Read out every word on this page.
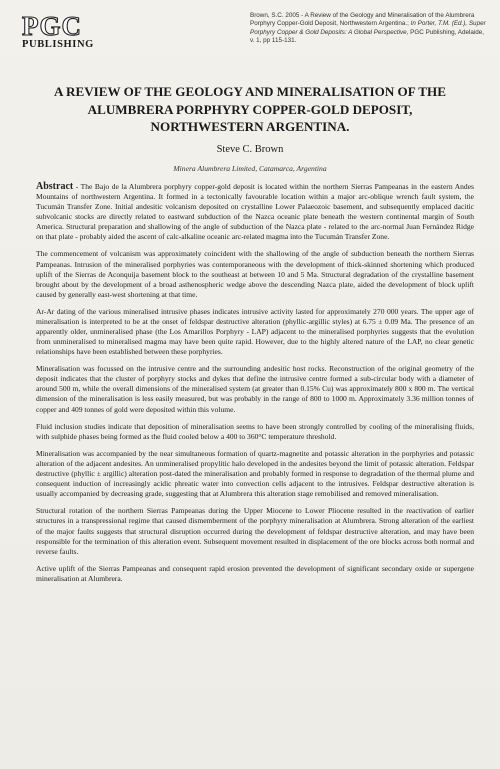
PGC
PUBLISHING
Brown, S.C. 2005 - A Review of the Geology and Mineralisation of the Alumbrera Porphyry Copper-Gold Deposit, Northwestern Argentina.; In Porter, T.M. (Ed.), Super Porphyry Copper & Gold Deposits: A Global Perspective, PGC Publishing, Adelaide, v. 1, pp 115-131.
A REVIEW OF THE GEOLOGY AND MINERALISATION OF THE
ALUMBRERA PORPHYRY COPPER-GOLD DEPOSIT,
NORTHWESTERN ARGENTINA.
Steve C. Brown
Minera Alumbrera Limited, Catamarca, Argentina

Abstract - The Bajo de la Alumbrera porphyry copper-gold deposit is located within the northern Sierras Pampeanas in the eastern Andes Mountains of northwestern Argentina. It formed in a tectonically favourable location within a major arc-oblique wrench fault system, the Tucumán Transfer Zone. Initial andesitic volcanism deposited on crystalline Lower Palaeozoic basement, and subsequently emplaced dacitic subvolcanic stocks are directly related to eastward subduction of the Nazca oceanic plate beneath the western continental margin of South America. Structural preparation and shallowing of the angle of subduction of the Nazca plate - related to the arc-normal Juan Fernández Ridge on that plate - probably aided the ascent of calc-alkaline oceanic arc-related magma into the Tucumán Transfer Zone.

The commencement of volcanism was approximately coincident with the shallowing of the angle of subduction beneath the northern Sierras Pampeanas. Intrusion of the mineralised porphyries was contemporaneous with the development of thick-skinned shortening which produced uplift of the Sierras de Aconquija basement block to the southeast at between 10 and 5 Ma. Structural degradation of the crystalline basement brought about by the development of a broad asthenospheric wedge above the descending Nazca plate, aided the development of block uplift caused by generally east-west shortening at that time.

Ar-Ar dating of the various mineralised intrusive phases indicates intrusive activity lasted for approximately 270 000 years. The upper age of mineralisation is interpreted to be at the onset of feldspar destructive alteration (phyllic-argillic styles) at 6.75 ± 0.09 Ma. The presence of an apparently older, unmineralised phase (the Los Amarillos Porphyry - LAP) adjacent to the mineralised porphyries suggests that the evolution from unmineralised to mineralised magma may have been quite rapid. However, due to the highly altered nature of the LAP, no clear genetic relationships have been established between these porphyries.

Mineralisation was focussed on the intrusive centre and the surrounding andesitic host rocks. Reconstruction of the original geometry of the deposit indicates that the cluster of porphyry stocks and dykes that define the intrusive centre formed a sub-circular body with a diameter of around 500 m, while the overall dimensions of the mineralised system (at greater than 0.15% Cu) was approximately 800 x 800 m. The vertical dimension of the mineralisation is less easily measured, but was probably in the range of 800 to 1000 m. Approximately 3.36 million tonnes of copper and 409 tonnes of gold were deposited within this volume.

Fluid inclusion studies indicate that deposition of mineralisation seems to have been strongly controlled by cooling of the mineralising fluids, with sulphide phases being formed as the fluid cooled below a 400 to 360°C temperature threshold.

Mineralisation was accompanied by the near simultaneous formation of quartz-magnetite and potassic alteration in the porphyries and potassic alteration of the adjacent andesites. An unmineralised propylitic halo developed in the andesites beyond the limit of potassic alteration. Feldspar destructive (phyllic ± argillic) alteration post-dated the mineralisation and probably formed in response to degradation of the thermal plume and consequent induction of increasingly acidic phreatic water into convection cells adjacent to the intrusives. Feldspar destructive alteration is usually accompanied by decreasing grade, suggesting that at Alumbrera this alteration stage remobilised and removed mineralisation.

Structural rotation of the northern Sierras Pampeanas during the Upper Miocene to Lower Pliocene resulted in the reactivation of earlier structures in a transpressional regime that caused dismemberment of the porphyry mineralisation at Alumbrera. Strong alteration of the earliest of the major faults suggests that structural disruption occurred during the development of feldspar destructive alteration, and may have been responsible for the termination of this alteration event. Subsequent movement resulted in displacement of the ore blocks across both normal and reverse faults.

Active uplift of the Sierras Pampeanas and consequent rapid erosion prevented the development of significant secondary oxide or supergene mineralisation at Alumbrera.
